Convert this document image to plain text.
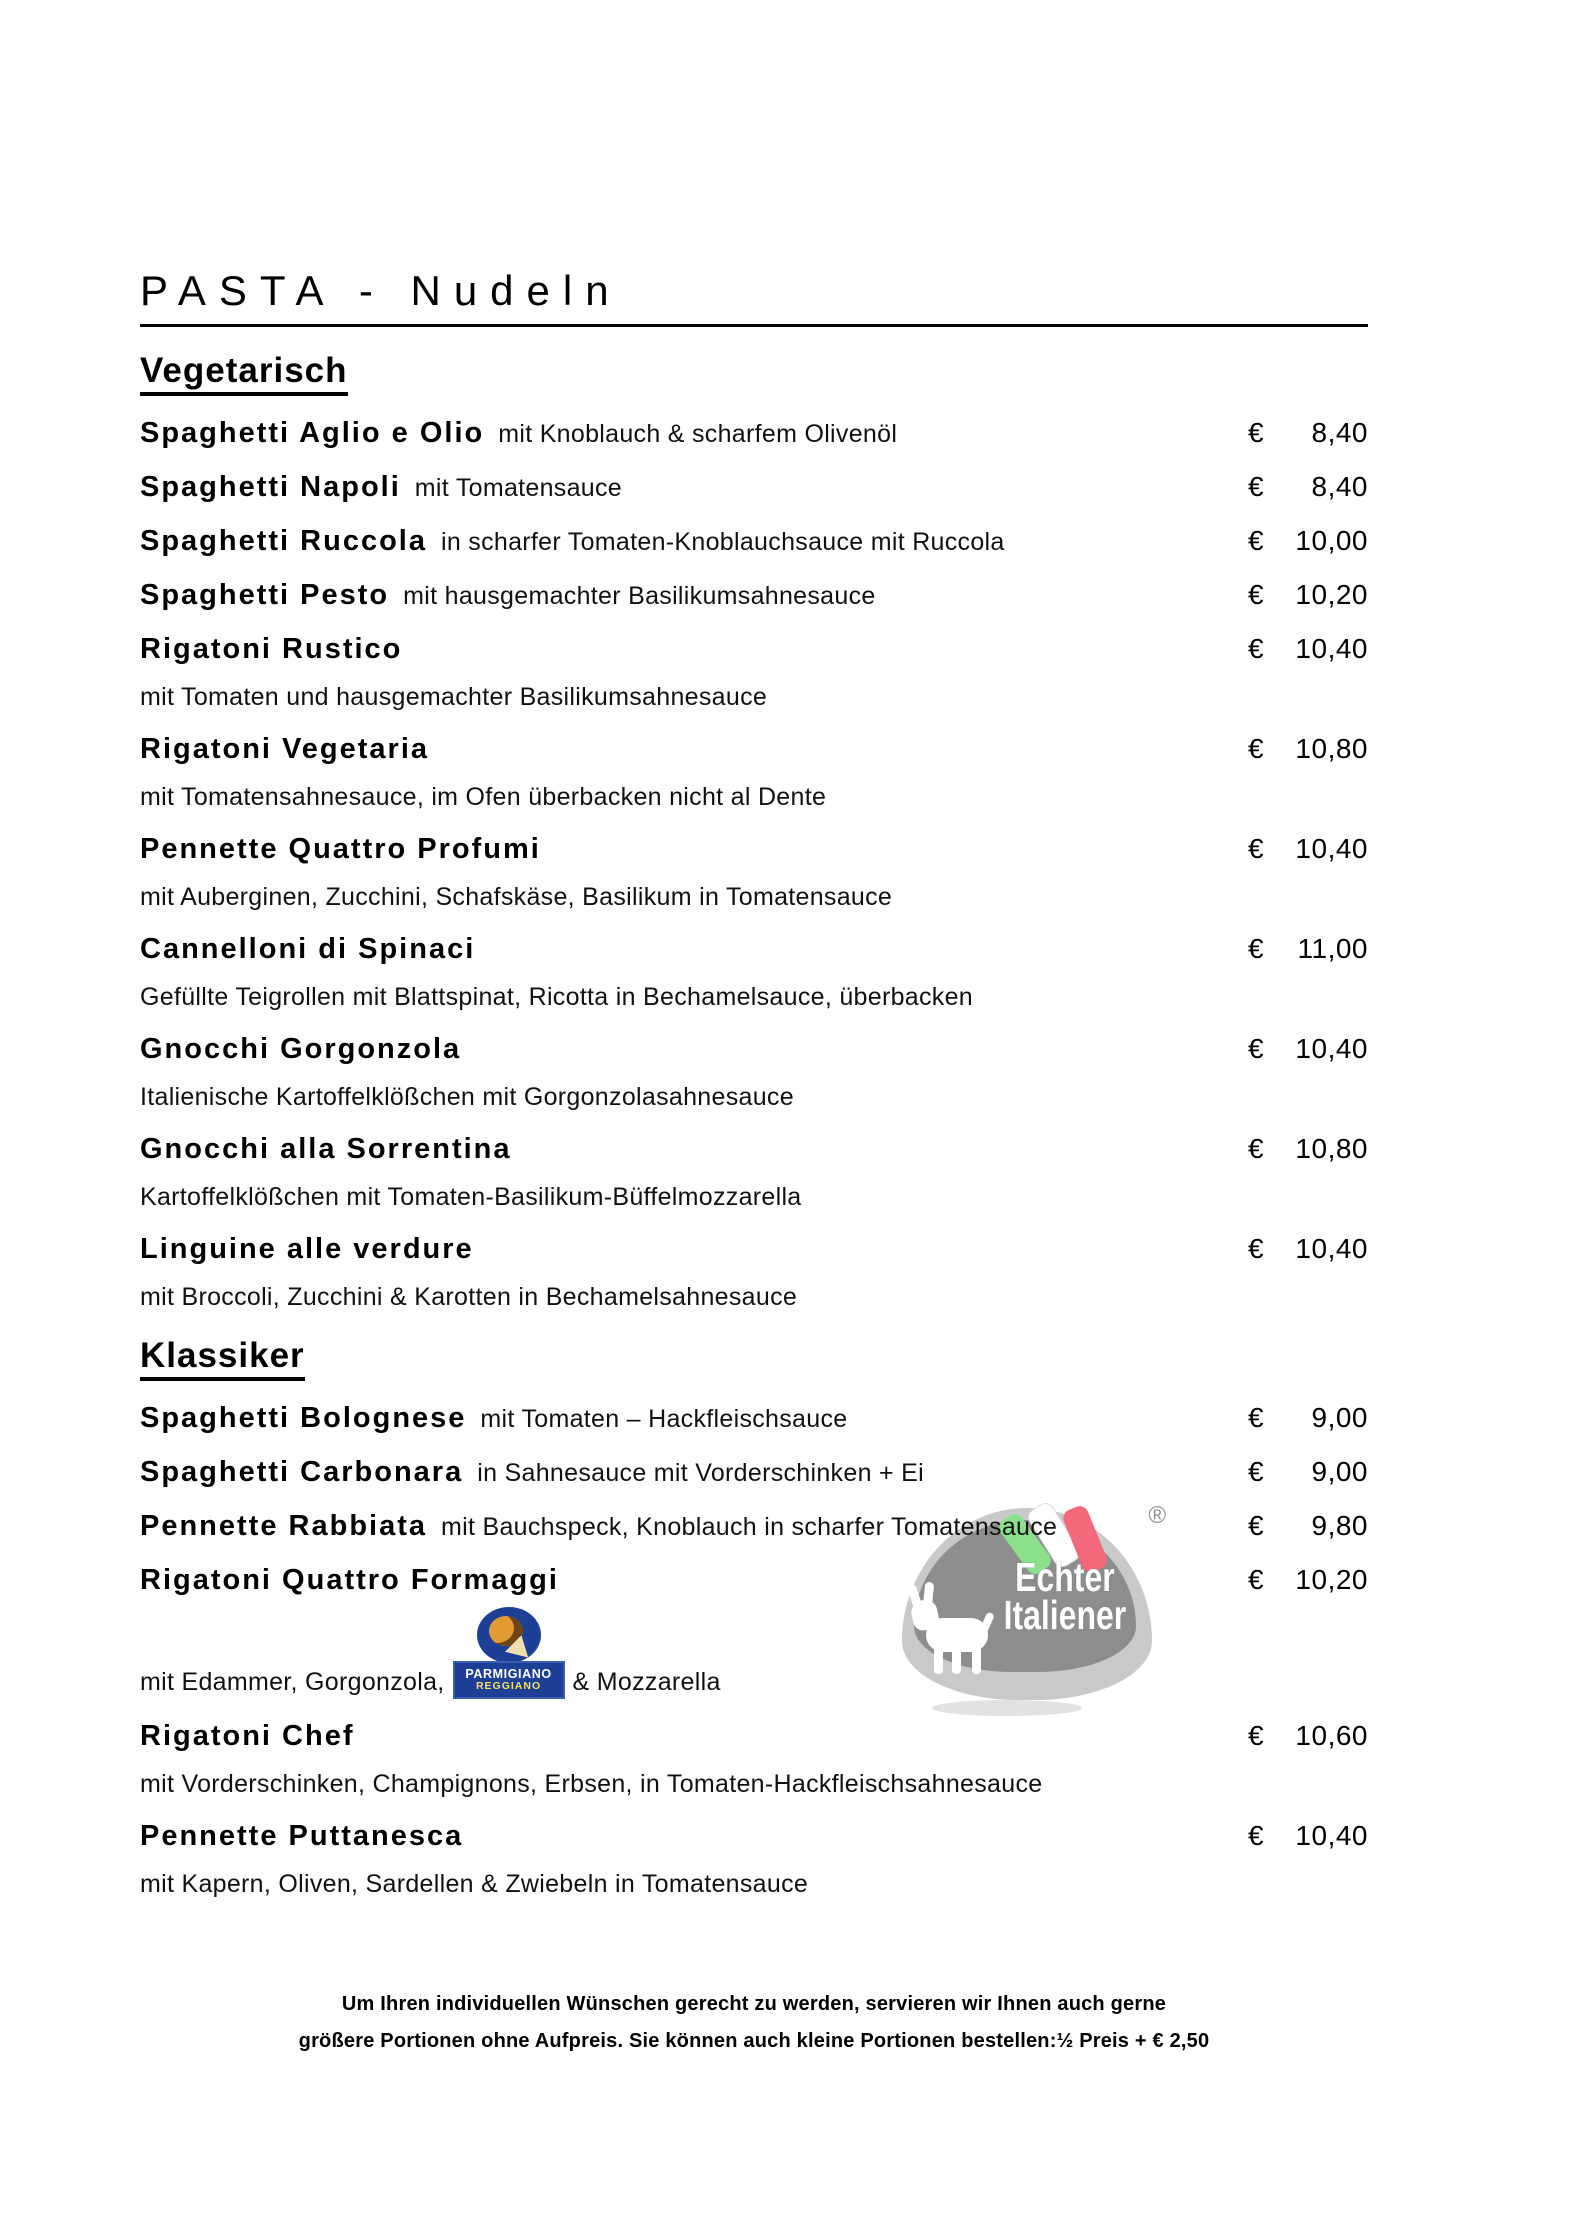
PASTA - Nudeln
Vegetarisch
Spaghetti Aglio e Olio mit Knoblauch & scharfem Olivenöl	€ 8,40
Spaghetti Napoli mit Tomatensauce	€ 8,40
Spaghetti Ruccola in scharfer Tomaten-Knoblauchsauce mit Ruccola	€ 10,00
Spaghetti Pesto mit hausgemachter Basilikumsahnesauce	€ 10,20
Rigatoni Rustico	€ 10,40
mit Tomaten und hausgemachter Basilikumsahnesauce
Rigatoni Vegetaria	€ 10,80
mit Tomatensahnesauce, im Ofen überbacken nicht al Dente
Pennette Quattro Profumi	€ 10,40
mit Auberginen, Zucchini, Schafskäse, Basilikum in Tomatensauce
Cannelloni di Spinaci	€ 11,00
Gefüllte Teigrollen mit Blattspinat, Ricotta in Bechamelsauce, überbacken
Gnocchi Gorgonzola	€ 10,40
Italienische Kartoffelklößchen mit Gorgonzolasahnesauce
Gnocchi alla Sorrentina	€ 10,80
Kartoffelklößchen mit Tomaten-Basilikum-Büffelmozzarella
Linguine alle verdure	€ 10,40
mit Broccoli, Zucchini & Karotten in Bechamelsahnesauce
Klassiker
Spaghetti Bolognese mit Tomaten – Hackfleischsauce	€ 9,00
Spaghetti Carbonara in Sahnesauce mit Vorderschinken + Ei	€ 9,00
Pennette Rabbiata mit Bauchspeck, Knoblauch in scharfer Tomatensauce	€ 9,80
Rigatoni Quattro Formaggi	€ 10,20
mit Edammer, Gorgonzola, PARMIGIANO
REGGIANO & Mozzarella
®
Echter
Italiener
Rigatoni Chef	€ 10,60
mit Vorderschinken, Champignons, Erbsen, in Tomaten-Hackfleischsahnesauce
Pennette Puttanesca	€ 10,40
mit Kapern, Oliven, Sardellen & Zwiebeln in Tomatensauce
Um Ihren individuellen Wünschen gerecht zu werden, servieren wir Ihnen auch gerne
größere Portionen ohne Aufpreis. Sie können auch kleine Portionen bestellen:½ Preis + € 2,50
